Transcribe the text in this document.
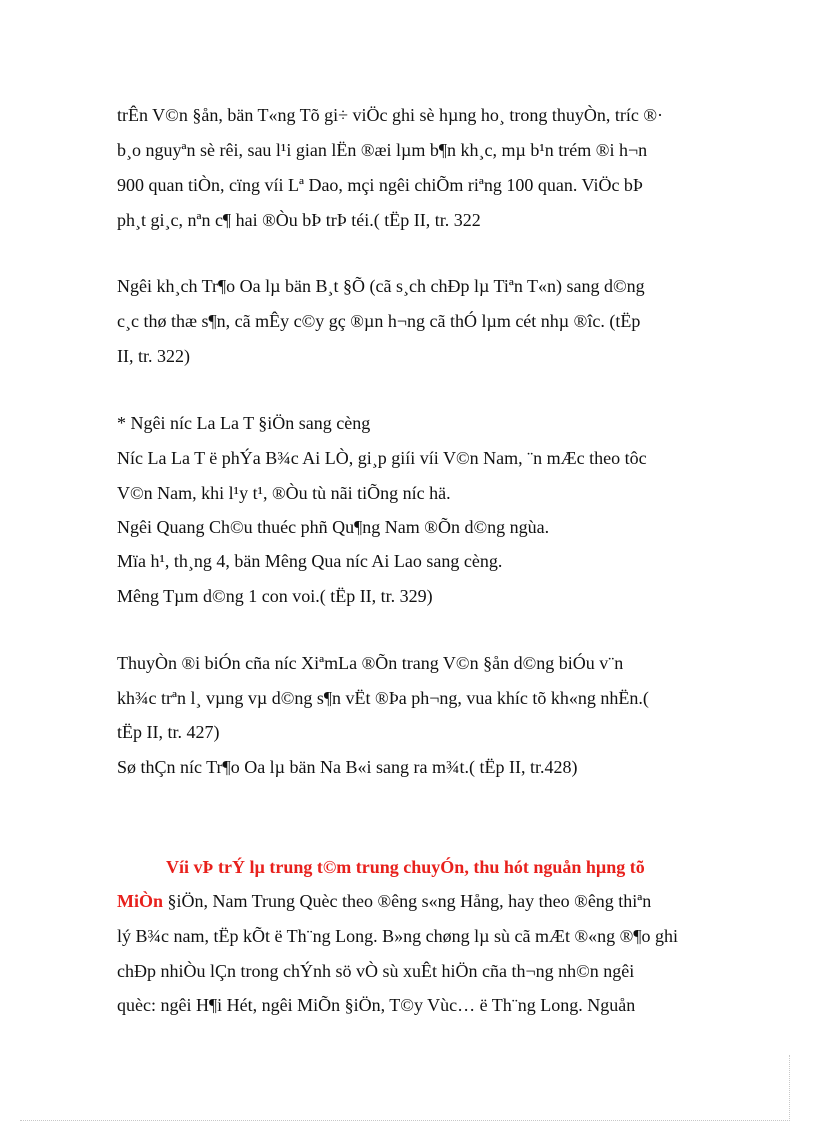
trÊn V©n §ån, bän T«ng Tõ gi÷ viÖc ghi sè hµng ho¸ trong thuyÒn, tríc ®·

b¸o nguyªn sè rêi, sau l¹i gian lËn ®æi lµm b¶n kh¸c, mµ b¹n trém ®i h¬n

900 quan tiÒn, cïng víi Lª Dao, mçi ngêi chiÕm riªng 100 quan. ViÖc bÞ

ph¸t gi¸c, nªn c¶ hai ®Òu bÞ trÞ téi.( tËp II, tr. 322

Ngêi kh¸ch Tr¶o Oa lµ bän B¸t §Õ (cã s¸ch chÐp lµ Tiªn T«n) sang d©ng

c¸c thø thæ s¶n, cã mÊy c©y gç ®µn h¬ng cã thÓ lµm cét nhµ ®îc. (tËp

II, tr. 322)

* Ngêi níc La La T §iÖn sang cèng

Níc La La T ë phÝa B¾c Ai LÒ, gi¸p giíi víi V©n Nam, ¨n mÆc theo tôc

V©n Nam, khi l¹y t¹, ®Òu tù nãi tiÕng níc hä.

Ngêi Quang Ch©u thuéc phñ Qu¶ng Nam ®Õn d©ng ngùa.

Mïa h¹, th¸ng 4, bän Mêng Qua níc Ai Lao sang cèng.

Mêng Tµm d©ng 1 con voi.( tËp II, tr. 329)

ThuyÒn ®i biÓn cña níc XiªmLa ®Õn trang V©n §ån d©ng biÓu v¨n

kh¾c trªn l¸ vµng vµ d©ng s¶n vËt ®Þa ph¬ng, vua khíc tõ kh«ng nhËn.(

tËp II, tr. 427)

Sø thÇn níc Tr¶o Oa lµ bän Na B«i sang ra m¾t.( tËp II, tr.428)

Víi vÞ trÝ lµ trung t©m trung chuyÓn, thu hót nguån hµng tõ

MiÒn §iÖn, Nam Trung Quèc theo ®êng s«ng Hång, hay theo ®êng thiªn

lý B¾c nam, tËp kÕt ë Th¨ng Long. B»ng chøng lµ sù cã mÆt ®«ng ®¶o ghi

chÐp nhiÒu lÇn trong chÝnh sö vÒ sù xuÊt hiÖn cña th¬ng nh©n ngêi

quèc: ngêi H¶i Hét, ngêi MiÕn §iÖn, T©y Vùc… ë Th¨ng Long. Nguån
